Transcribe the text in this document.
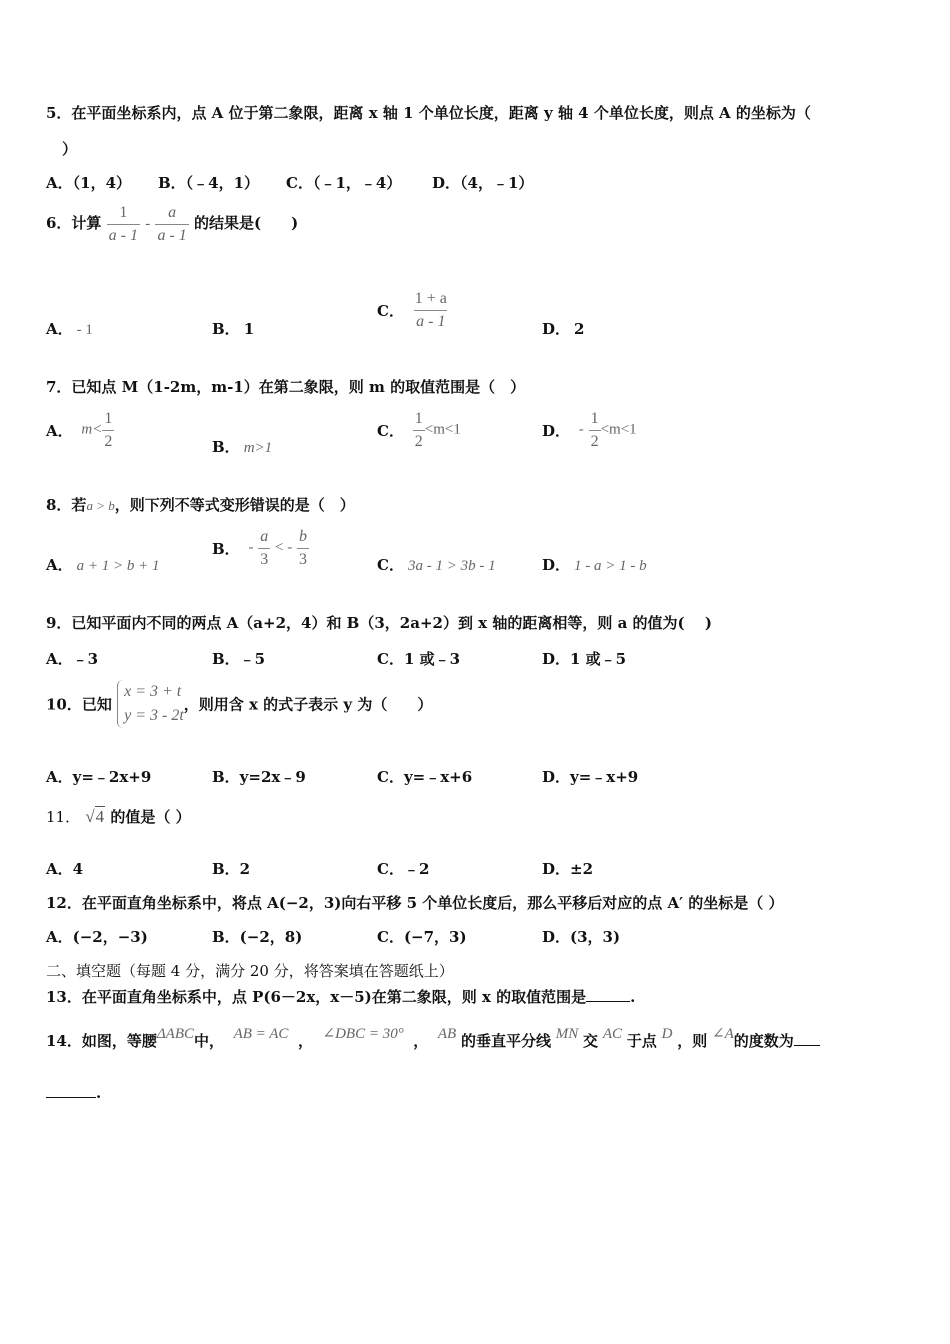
5．在平面坐标系内，点 A 位于第二象限，距离 x 轴 1 个单位长度，距离 y 轴 4 个单位长度，则点 A 的坐标为（
）
A．（1，4） B．（﹣4，1） C．（﹣1，﹣4） D．（4，﹣1）
6．计算 $\frac{1}{a - 1} - \frac{a}{a - 1}$ 的结果是(　　)
A． - 1	B． 1
C． $\frac{1 + a}{a - 1}$	D． 2
7．已知点 M（1-2m，m-1）在第二象限，则 m 的取值范围是（　）
A． $m< \frac{1}{2}$	B． m>1
C． $\frac{1}{2} <m<1$	D． - $\frac{1}{2} <m<1$
8．若a > b，则下列不等式变形错误的是（　）
A． a + 1 > b + 1
B． - $\frac{a}{3}$ < - $\frac{b}{3}$	C． 3a - 1 > 3b - 1	D． 1 - a > 1 - b
9．已知平面内不同的两点 A（a+2，4）和 B（3，2a+2）到 x 轴的距离相等，则 a 的值为(　 )
A．﹣3	B．﹣5	C．1 或﹣3	D．1 或﹣5
10．已知
x = 3 + t
y = 3 - 2t
，则用含 x 的式子表示 y 为（　　）
A．y=﹣2x+9	B．y=2x﹣9	C．y=﹣x+6	D．y=﹣x+9
11． √4 的值是（ ）
A．4	B．2	C．﹣2	D．±2
12．在平面直角坐标系中，将点 A(−2，3)向右平移 5 个单位长度后，那么平移后对应的点 A′ 的坐标是（ ）
A．(−2，−3)	B．(−2，8)	C．(−7，3)	D．(3，3)
二、填空题（每题 4 分，满分 20 分，将答案填在答题纸上）
13．在平面直角坐标系中，点 P(6－2x，x－5)在第二象限，则 x 的取值范围是	.
14．如图，等腰ΔABC中， AB = AC ， ∠DBC = 30° ， AB 的垂直平分线 MN 交 AC 于点 D ，则 ∠A的度数为
.
